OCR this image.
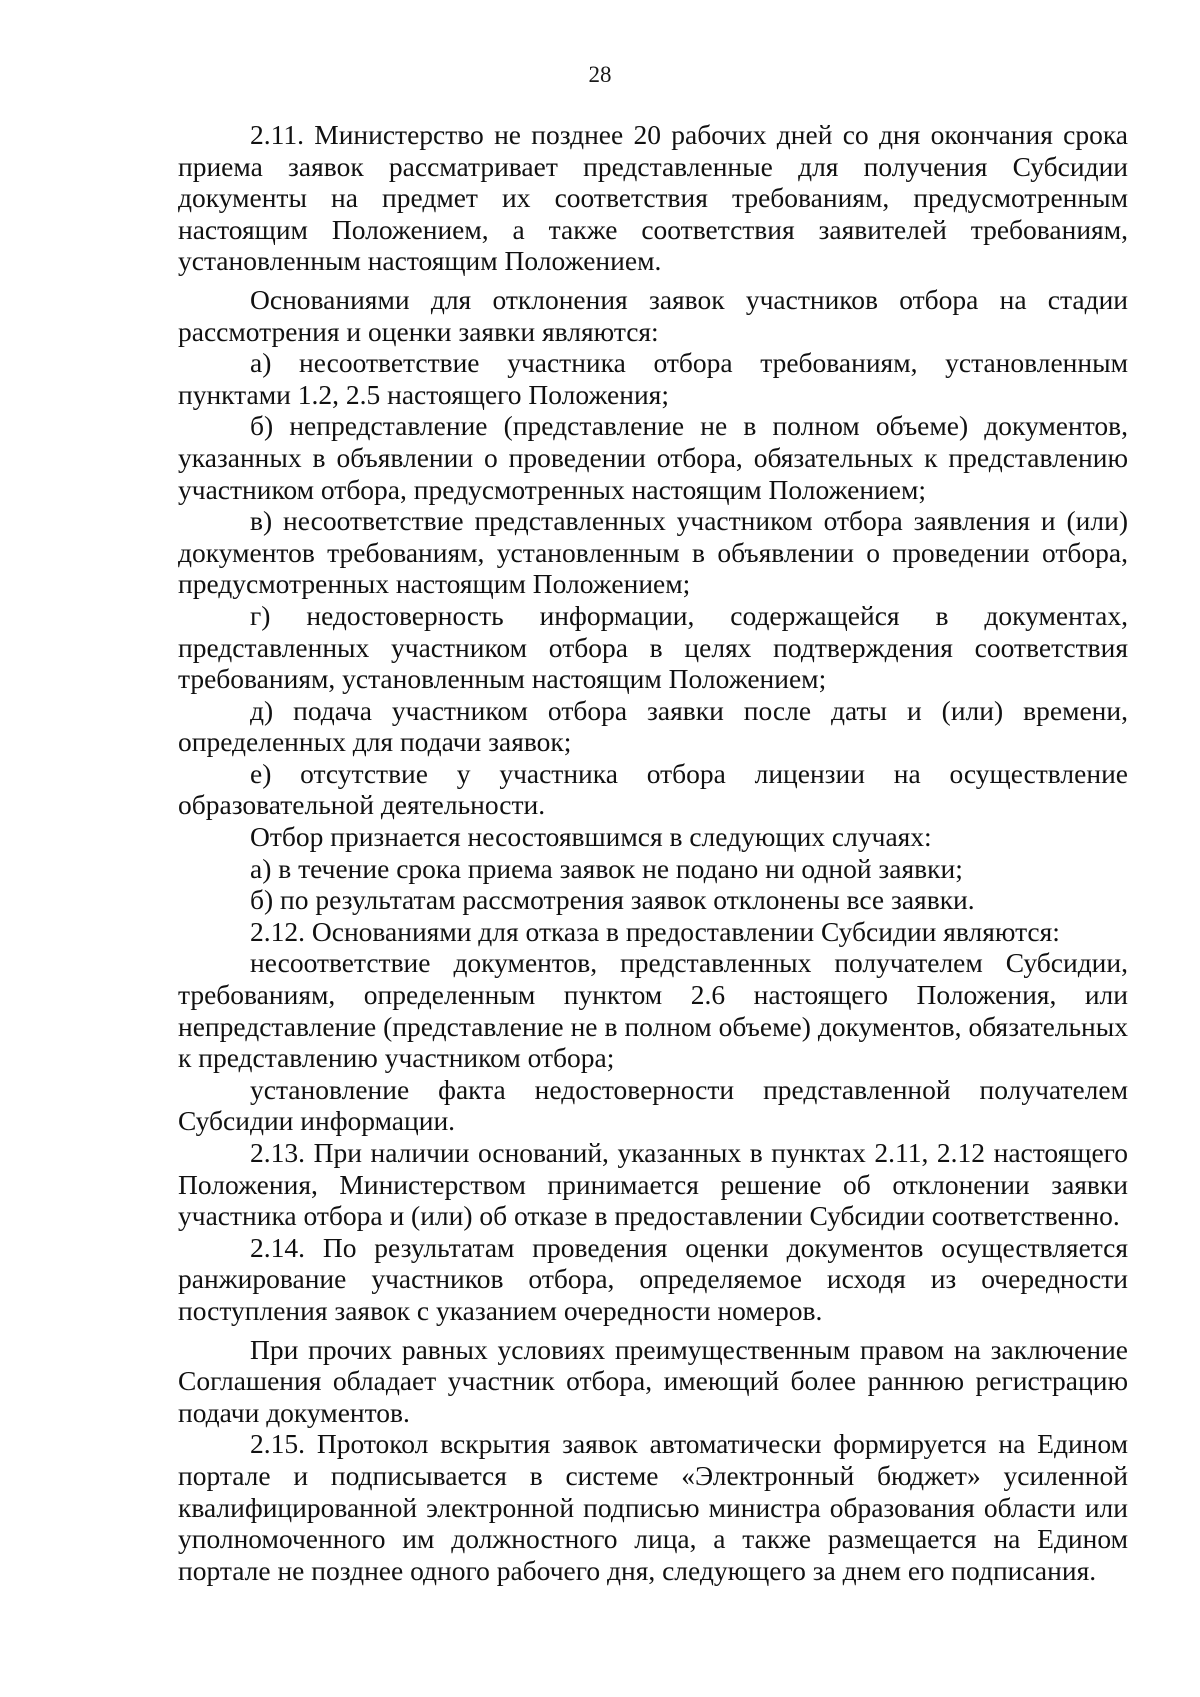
28

2.11. Министерство не позднее 20 рабочих дней со дня окончания срока приема заявок рассматривает представленные для получения Субсидии документы на предмет их соответствия требованиям, предусмотренным настоящим Положением, а также соответствия заявителей требованиям, установленным настоящим Положением.

Основаниями для отклонения заявок участников отбора на стадии рассмотрения и оценки заявки являются:

а) несоответствие участника отбора требованиям, установленным пунктами 1.2, 2.5 настоящего Положения;

б) непредставление (представление не в полном объеме) документов, указанных в объявлении о проведении отбора, обязательных к представлению участником отбора, предусмотренных настоящим Положением;

в) несоответствие представленных участником отбора заявления и (или) документов требованиям, установленным в объявлении о проведении отбора, предусмотренных настоящим Положением;

г) недостоверность информации, содержащейся в документах, представленных участником отбора в целях подтверждения соответствия требованиям, установленным настоящим Положением;

д) подача участником отбора заявки после даты и (или) времени, определенных для подачи заявок;

е) отсутствие у участника отбора лицензии на осуществление образовательной деятельности.

Отбор признается несостоявшимся в следующих случаях:

а) в течение срока приема заявок не подано ни одной заявки;

б) по результатам рассмотрения заявок отклонены все заявки.

2.12. Основаниями для отказа в предоставлении Субсидии являются:

несоответствие документов, представленных получателем Субсидии, требованиям, определенным пунктом 2.6 настоящего Положения, или непредставление (представление не в полном объеме) документов, обязательных к представлению участником отбора;

установление факта недостоверности представленной получателем Субсидии информации.

2.13. При наличии оснований, указанных в пунктах 2.11, 2.12 настоящего Положения, Министерством принимается решение об отклонении заявки участника отбора и (или) об отказе в предоставлении Субсидии соответственно.

2.14. По результатам проведения оценки документов осуществляется ранжирование участников отбора, определяемое исходя из очередности поступления заявок с указанием очередности номеров.

При прочих равных условиях преимущественным правом на заключение Соглашения обладает участник отбора, имеющий более раннюю регистрацию подачи документов.

2.15. Протокол вскрытия заявок автоматически формируется на Едином портале и подписывается в системе «Электронный бюджет» усиленной квалифицированной электронной подписью министра образования области или уполномоченного им должностного лица, а также размещается на Едином портале не позднее одного рабочего дня, следующего за днем его подписания.
